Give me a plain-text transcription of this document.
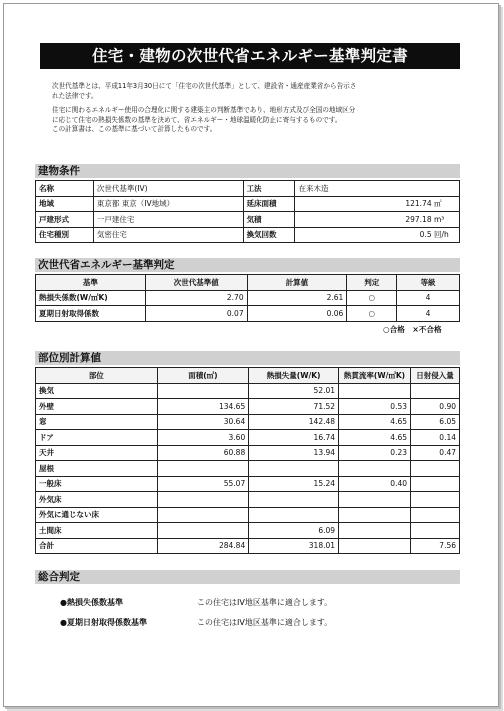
住宅・建物の次世代省エネルギー基準判定書

次世代基準とは、平成11年3月30日にて「住宅の次世代基準」として、建設省・通産産業省から告示さ

れた法律です。

住宅に関わるエネルギー使用の合理化に関する建築主の判断基準であり、地形方式及び全国の地域区分

に応じて住宅の熱損失係数の基準を決めて、省エネルギー・地球温暖化防止に寄与するものです。

この計算書は、この基準に基づいて計算したものです。

建物条件
名称	次世代基準(IV)	工法	在来木造
地域	東京都 東京（IV地域）	延床面積	121.74 ㎡
戸建形式	一戸建住宅	気積	297.18 m³
住宅種別	気密住宅	換気回数	0.5 回/h
次世代省エネルギー基準判定
基準	次世代基準値	計算値	判定	等級
熱損失係数(W/㎡K)	2.70	2.61	○	4
夏期日射取得係数	0.07	0.06	○	4
○合格　×不合格
部位別計算値
部位	面積(㎡)	熱損失量(W/K)	熱貫流率(W/㎡K)	日射侵入量
換気		52.01		
外壁	134.65	71.52	0.53	0.90
窓	30.64	142.48	4.65	6.05
ドア	3.60	16.74	4.65	0.14
天井	60.88	13.94	0.23	0.47
屋根				
一般床	55.07	15.24	0.40	
外気床				
外気に通じない床				
土間床		6.09		
合計	284.84	318.01		7.56
総合判定
●熱損失係数基準	この住宅はIV地区基準に適合します。
●夏期日射取得係数基準	この住宅はIV地区基準に適合します。
